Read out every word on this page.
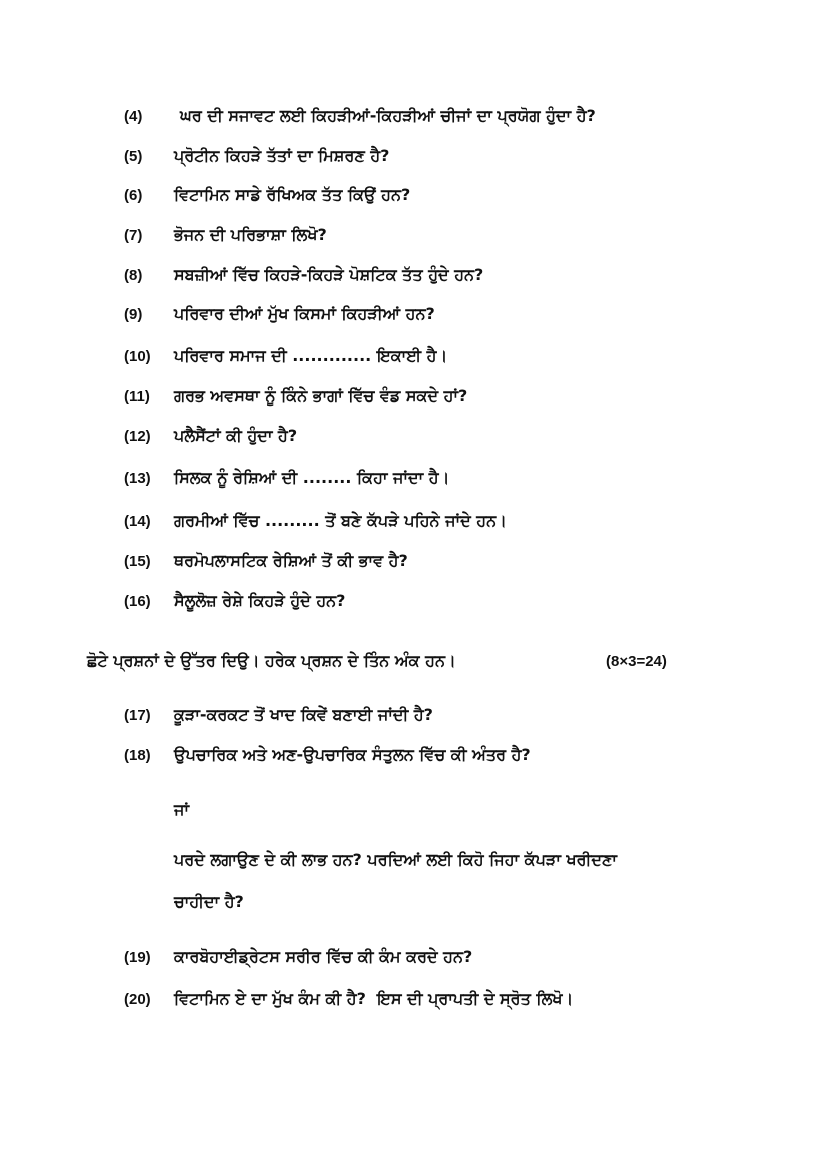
(4)	ਘਰ ਦੀ ਸਜਾਵਟ ਲਈ ਕਿਹੜੀਆਂ-ਕਿਹੜੀਆਂ ਚੀਜਾਂ ਦਾ ਪ੍ਰਯੋਗ ਹੁੰਦਾ ਹੈ?
(5)	ਪ੍ਰੋਟੀਨ ਕਿਹੜੇ ਤੱਤਾਂ ਦਾ ਮਿਸ਼ਰਣ ਹੈ?
(6)	ਵਿਟਾਮਿਨ ਸਾਡੇ ਰੱਖਿਅਕ ਤੱਤ ਕਿਉਂ ਹਨ?
(7)	ਭੋਜਨ ਦੀ ਪਰਿਭਾਸ਼ਾ ਲਿਖੋ?
(8)	ਸਬਜ਼ੀਆਂ ਵਿੱਚ ਕਿਹੜੇ-ਕਿਹੜੇ ਪੋਸ਼ਟਿਕ ਤੱਤ ਹੁੰਦੇ ਹਨ?
(9)	ਪਰਿਵਾਰ ਦੀਆਂ ਮੁੱਖ ਕਿਸਮਾਂ ਕਿਹੜੀਆਂ ਹਨ?
(10)	ਪਰਿਵਾਰ ਸਮਾਜ ਦੀ ............. ਇਕਾਈ ਹੈ।
(11)	ਗਰਭ ਅਵਸਥਾ ਨੂੰ ਕਿੰਨੇ ਭਾਗਾਂ ਵਿੱਚ ਵੰਡ ਸਕਦੇ ਹਾਂ?
(12)	ਪਲੈਸੈਂਟਾਂ ਕੀ ਹੁੰਦਾ ਹੈ?
(13)	ਸਿਲਕ ਨੂੰ ਰੇਸ਼ਿਆਂ ਦੀ ........ ਕਿਹਾ ਜਾਂਦਾ ਹੈ।
(14)	ਗਰਮੀਆਂ ਵਿੱਚ ......... ਤੋਂ ਬਣੇ ਕੱਪੜੇ ਪਹਿਨੇ ਜਾਂਦੇ ਹਨ।
(15)	ਥਰਮੋਪਲਾਸਟਿਕ ਰੇਸ਼ਿਆਂ ਤੋਂ ਕੀ ਭਾਵ ਹੈ?
(16)	ਸੈਲੂਲੋਜ਼ ਰੇਸ਼ੇ ਕਿਹੜੇ ਹੁੰਦੇ ਹਨ?
ਛੋਟੇ ਪ੍ਰਸ਼ਨਾਂ ਦੇ ਉੱਤਰ ਦਿਉ। ਹਰੇਕ ਪ੍ਰਸ਼ਨ ਦੇ ਤਿੰਨ ਅੰਕ ਹਨ।	(8×3=24)
(17)	ਕੂੜਾ-ਕਰਕਟ ਤੋਂ ਖਾਦ ਕਿਵੇਂ ਬਣਾਈ ਜਾਂਦੀ ਹੈ?
(18)	ਉਪਚਾਰਿਕ ਅਤੇ ਅਣ-ਉਪਚਾਰਿਕ ਸੰਤੁਲਨ ਵਿੱਚ ਕੀ ਅੰਤਰ ਹੈ?
ਜਾਂ
ਪਰਦੇ ਲਗਾਉਣ ਦੇ ਕੀ ਲਾਭ ਹਨ? ਪਰਦਿਆਂ ਲਈ ਕਿਹੋ ਜਿਹਾ ਕੱਪੜਾ ਖਰੀਦਣਾ
ਚਾਹੀਦਾ ਹੈ?
(19)	ਕਾਰਬੋਹਾਈਡ੍ਰੇਟਸ ਸਰੀਰ ਵਿੱਚ ਕੀ ਕੰਮ ਕਰਦੇ ਹਨ?
(20)	ਵਿਟਾਮਿਨ ਏ ਦਾ ਮੁੱਖ ਕੰਮ ਕੀ ਹੈ?  ਇਸ ਦੀ ਪ੍ਰਾਪਤੀ ਦੇ ਸ੍ਰੋਤ ਲਿਖੋ।
